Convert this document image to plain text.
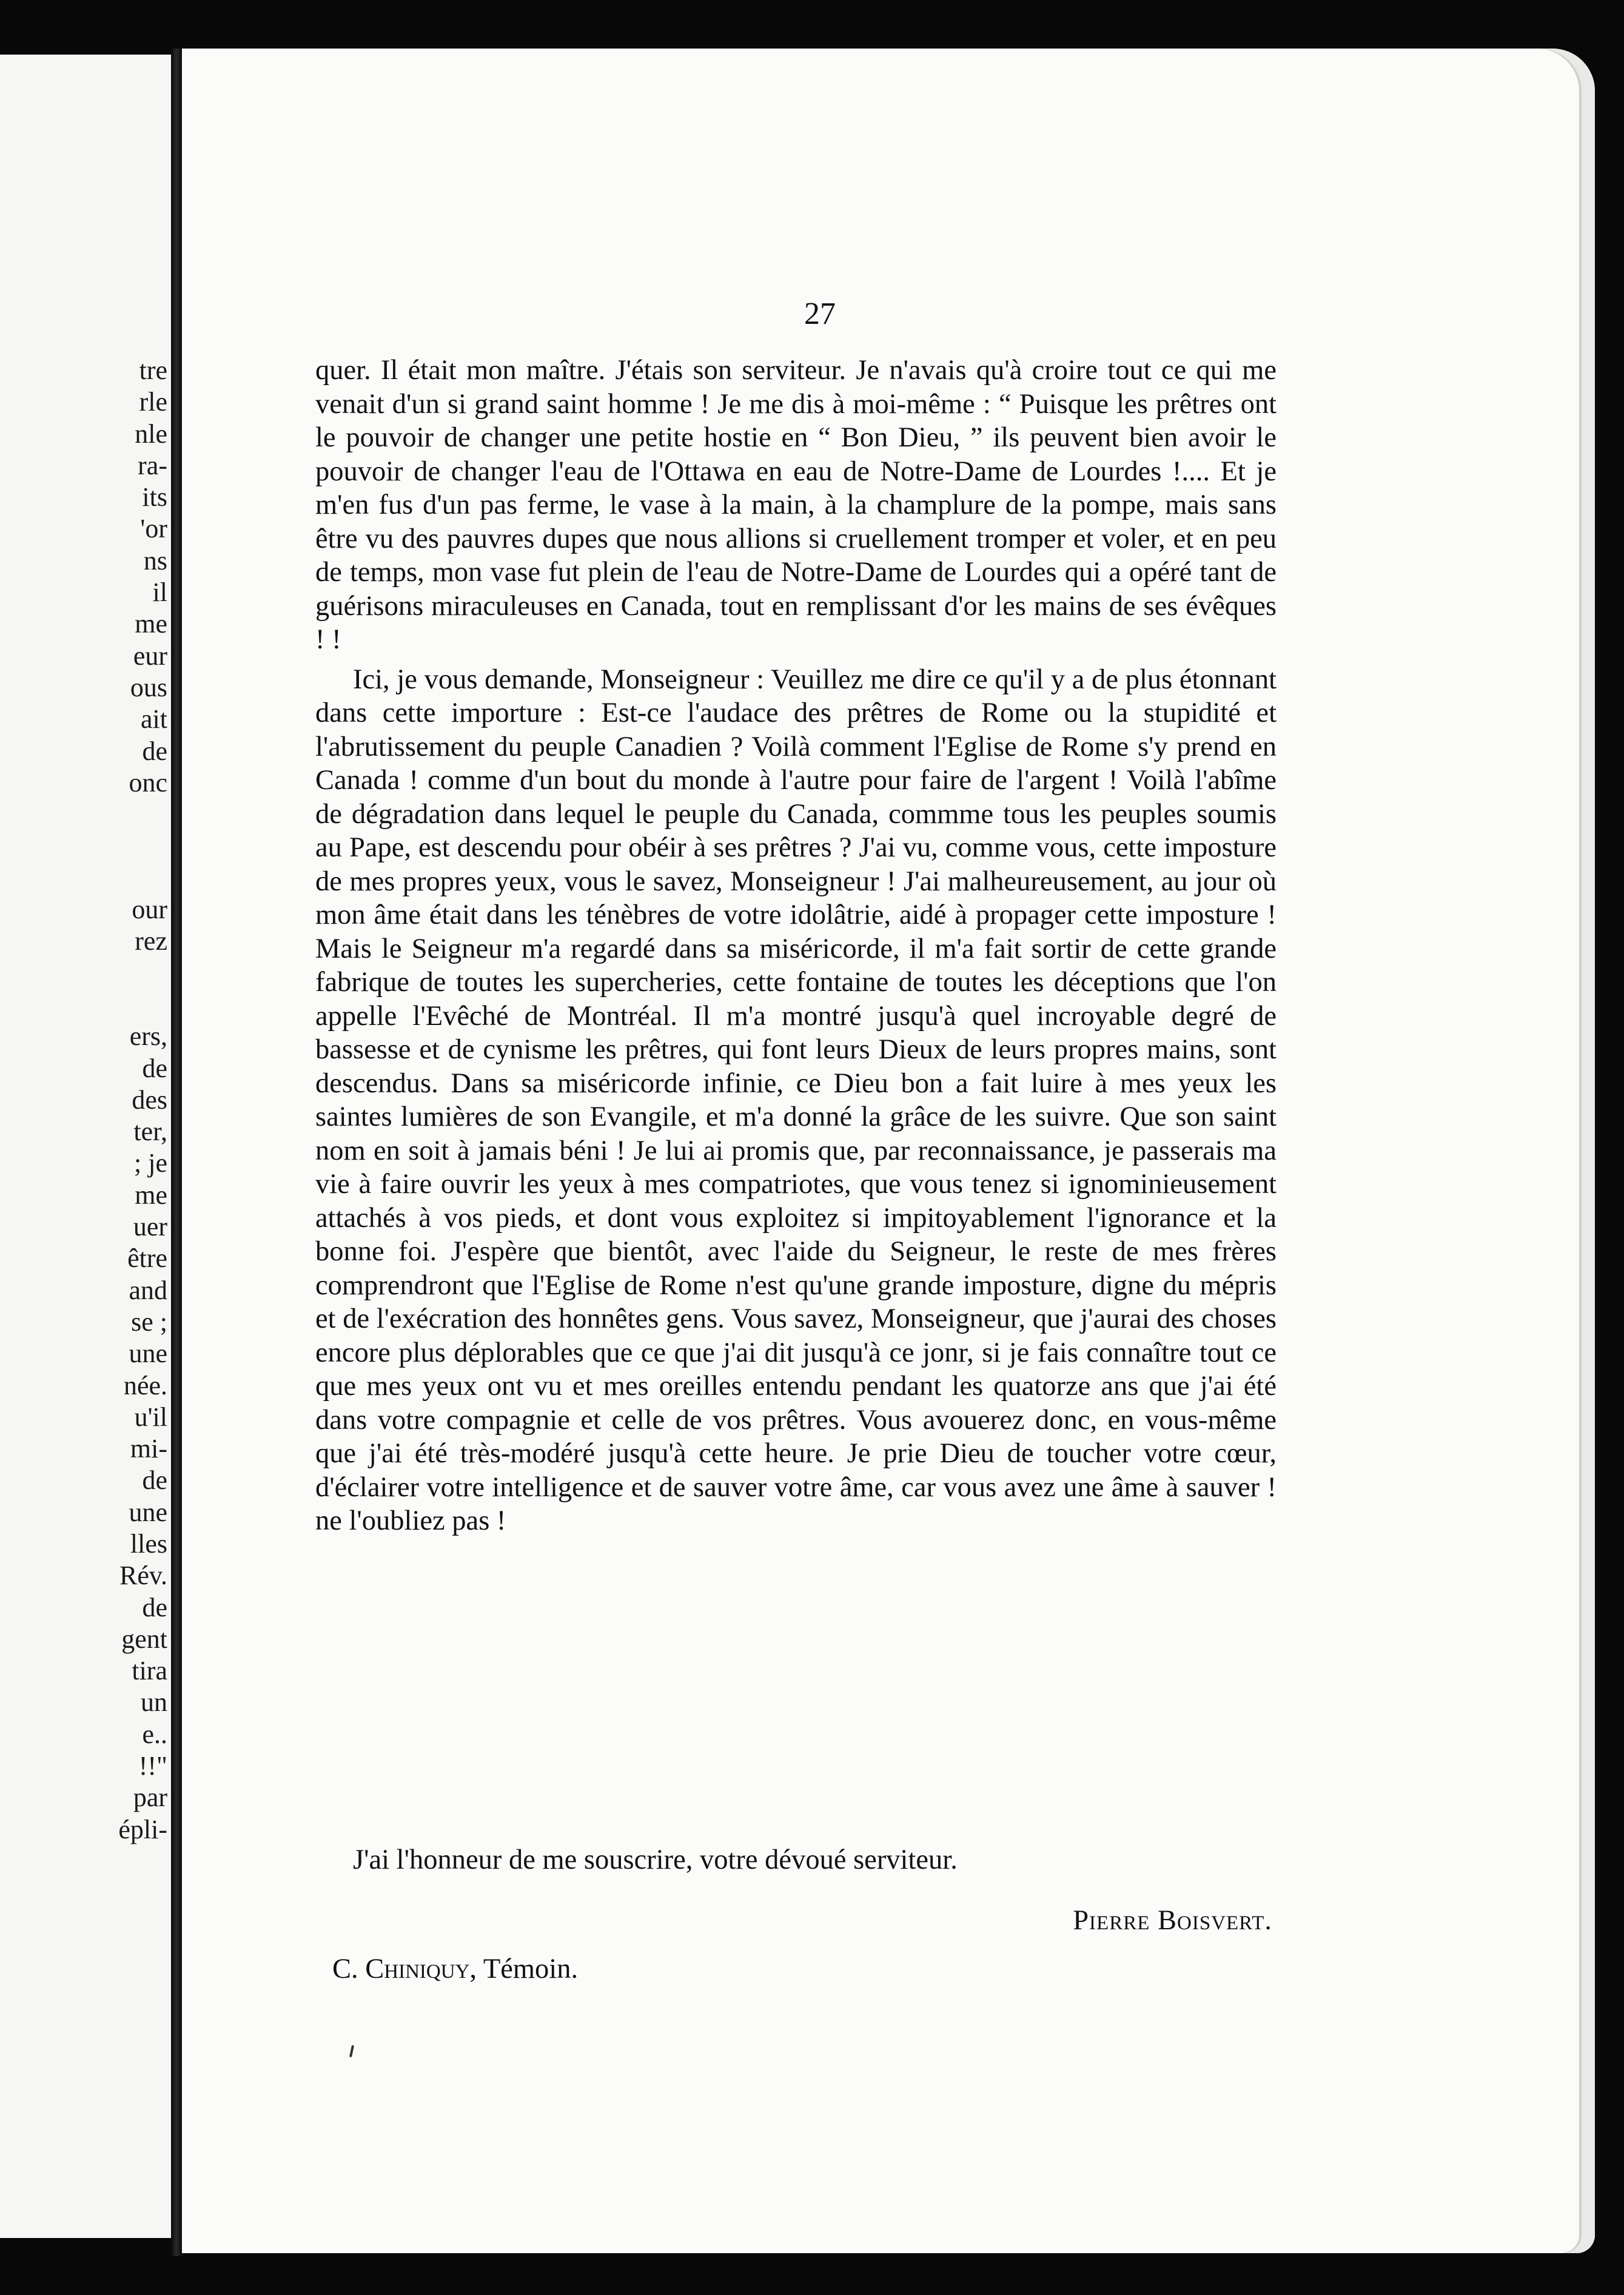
tre
rle
nle
ra-
its
'or
ns
il
me
eur
ous
ait
de
onc
our
rez
ers,
de
des
ter,
; je
me
uer
être
and
se ;
une
née.
u'il
mi-
de
une
lles
Rév.
de
gent
tira
un
e..
!!"
par
épli-
27

quer. Il était mon maître. J'étais son serviteur. Je n'avais qu'à croire tout ce qui me venait d'un si grand saint homme ! Je me dis à moi-même : “ Puisque les prêtres ont le pouvoir de changer une petite hostie en “ Bon Dieu, ” ils peuvent bien avoir le pouvoir de changer l'eau de l'Ottawa en eau de Notre-Dame de Lourdes !.... Et je m'en fus d'un pas ferme, le vase à la main, à la champlure de la pompe, mais sans être vu des pauvres dupes que nous allions si cruellement tromper et voler, et en peu de temps, mon vase fut plein de l'eau de Notre-Dame de Lourdes qui a opéré tant de guérisons miraculeuses en Canada, tout en remplissant d'or les mains de ses évêques ! !

Ici, je vous demande, Monseigneur : Veuillez me dire ce qu'il y a de plus étonnant dans cette importure : Est-ce l'audace des prêtres de Rome ou la stupidité et l'abrutissement du peuple Canadien ? Voilà comment l'Eglise de Rome s'y prend en Canada ! comme d'un bout du monde à l'autre pour faire de l'argent ! Voilà l'abîme de dégradation dans lequel le peuple du Canada, commme tous les peuples soumis au Pape, est descendu pour obéir à ses prêtres ? J'ai vu, comme vous, cette imposture de mes propres yeux, vous le savez, Monseigneur ! J'ai malheureusement, au jour où mon âme était dans les ténèbres de votre idolâtrie, aidé à propager cette imposture ! Mais le Seigneur m'a regardé dans sa miséricorde, il m'a fait sortir de cette grande fabrique de toutes les supercheries, cette fontaine de toutes les déceptions que l'on appelle l'Evêché de Montréal. Il m'a montré jusqu'à quel incroyable degré de bassesse et de cynisme les prêtres, qui font leurs Dieux de leurs propres mains, sont descendus. Dans sa miséricorde infinie, ce Dieu bon a fait luire à mes yeux les saintes lumières de son Evangile, et m'a donné la grâce de les suivre. Que son saint nom en soit à jamais béni ! Je lui ai promis que, par reconnaissance, je passerais ma vie à faire ouvrir les yeux à mes compatriotes, que vous tenez si ignominieusement attachés à vos pieds, et dont vous exploitez si impitoyablement l'ignorance et la bonne foi. J'espère que bientôt, avec l'aide du Seigneur, le reste de mes frères comprendront que l'Eglise de Rome n'est qu'une grande imposture, digne du mépris et de l'exécration des honnêtes gens. Vous savez, Monseigneur, que j'aurai des choses encore plus déplorables que ce que j'ai dit jusqu'à ce jonr, si je fais connaître tout ce que mes yeux ont vu et mes oreilles entendu pendant les quatorze ans que j'ai été dans votre compagnie et celle de vos prêtres. Vous avouerez donc, en vous-même que j'ai été très-modéré jusqu'à cette heure. Je prie Dieu de toucher votre cœur, d'éclairer votre intelligence et de sauver votre âme, car vous avez une âme à sauver ! ne l'oubliez pas !

J'ai l'honneur de me souscrire, votre dévoué serviteur.
Pierre Boisvert.
C. Chiniquy, Témoin.
